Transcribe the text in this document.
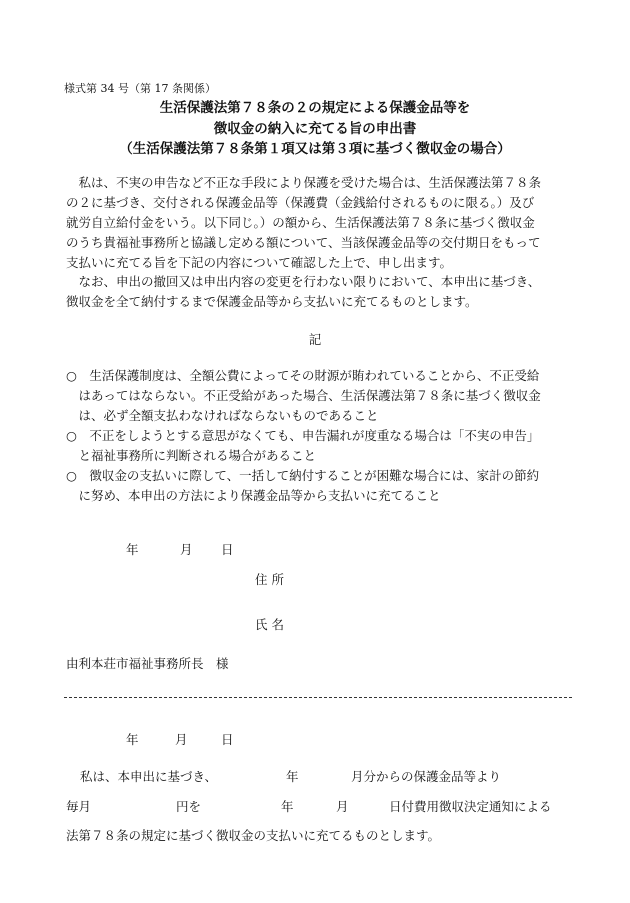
様式第 34 号（第 17 条関係）
生活保護法第７８条の２の規定による保護金品等を
徴収金の納入に充てる旨の申出書
（生活保護法第７８条第１項又は第３項に基づく徴収金の場合）
　私は、不実の申告など不正な手段により保護を受けた場合は、生活保護法第７８条
の２に基づき、交付される保護金品等（保護費（金銭給付されるものに限る。）及び
就労自立給付金をいう。以下同じ。）の額から、生活保護法第７８条に基づく徴収金
のうち貴福祉事務所と協議し定める額について、当該保護金品等の交付期日をもって
支払いに充てる旨を下記の内容について確認した上で、申し出ます。
　なお、申出の撤回又は申出内容の変更を行わない限りにおいて、本申出に基づき、
徴収金を全て納付するまで保護金品等から支払いに充てるものとします。
記
○　生活保護制度は、全額公費によってその財源が賄われていることから、不正受給
　はあってはならない。不正受給があった場合、生活保護法第７８条に基づく徴収金
　は、必ず全額支払わなければならないものであること
○　不正をしようとする意思がなくても、申告漏れが度重なる場合は「不実の申告」
　と福祉事務所に判断される場合があること
○　徴収金の支払いに際して、一括して納付することが困難な場合には、家計の節約
　に努め、本申出の方法により保護金品等から支払いに充てること
年	月 日
住 所
氏 名
由利本荘市福祉事務所長　様
年	月	日
私は、本申出に基づき、	年	月分からの保護金品等より
毎月	円を	年	月	日付費用徴収決定通知による
法第７８条の規定に基づく徴収金の支払いに充てるものとします。
